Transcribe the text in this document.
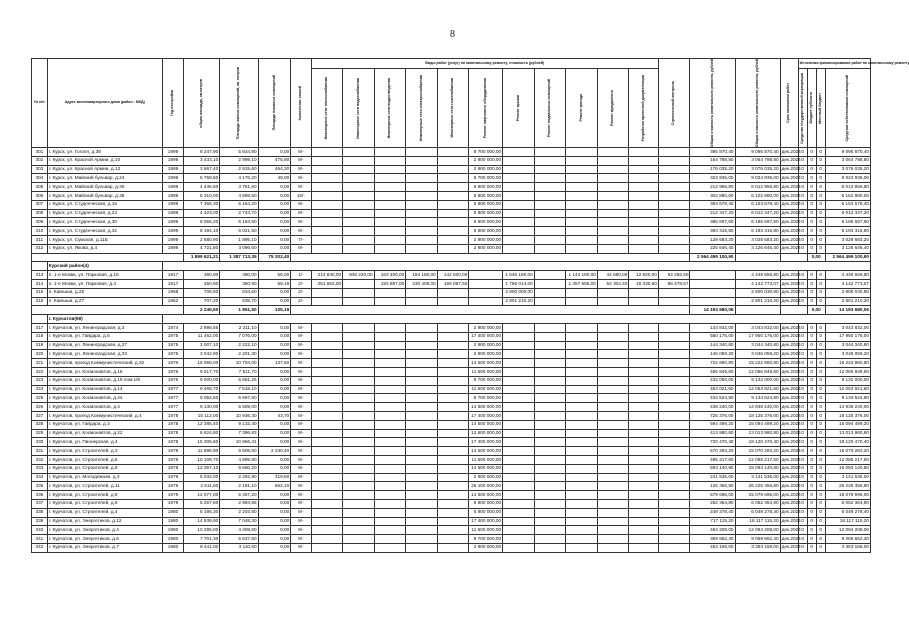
8
№ п/п	Адрес многоквартирного дома (район - МКД)	Год постройки	общая площадь, кв.метров	Площадь жилых помещений, кв. метров	Площадь нежилых помещений	Количество этажей	Виды работ (услуг) по капитальному ремонту, стоимость (рублей)											Строительный контроль	Общая стоимость капитального ремонта, рублей	Общая стоимость капитального ремонта, рублей	Срок окончания работ	Источники финансирования работ по капитальному ремонту			

							Инженерные сети теплоснабжения	Инженерные сети водоснабжения	Инженерные сети водоотведения	Инженерные сети электроснабжения	Инженерные сети газоснабжения	Ремонт лифтового оборудования	Ремонт крыши	Ремонт подвальных помещений	Ремонт фасада	Ремонт фундамента	Разработка проектной документации					Средства государственной корпорации	Бюджет субъекта	Местный бюджет	Средства собственников помещений

301	г. Курск, ул. Гоголя, д.38	1999	8 247,90	5 834,90	0,00	9/-						8 700 000,00							395 870,40	9 095 870,40	дек.2024	0	0	0	9 095 870,40
302	г. Курск, ул. Красной Армии, д.10	1999	3 433,10	2 999,10	475,90	9/-						2 900 000,00							164 788,80	3 064 788,80	дек.2024	0	0	0	3 064 788,80
303	г. Курск, ул. Красной Армии, д.12	1999	3 667,40	2 915,60	464,30	9/-						2 900 000,00							176 035,20	3 076 035,20	дек.2024	0	0	0	3 076 035,20
304	г. Курск, ул. Майский бульвар, д.24	1999	6 769,50	4 176,20	49,00	9/-						8 700 000,00							324 936,00	9 024 936,00	дек.2024	0	0	0	9 024 936,00
305	г. Курск, ул. Майский бульвар, д.30	1999	4 436,60	3 751,60	0,00	9/-						5 800 000,00							212 956,80	6 012 956,80	дек.2024	0	0	0	6 012 956,80
306	г. Курск, ул. Майский бульвар, д.38	1999	6 310,00	4 898,50	0,00	10/-						5 800 000,00							302 880,00	6 102 880,00	дек.2024	0	0	0	6 162 880,00
307	г. Курск, ул. Студенческая, д.16	1999	7 366,30	6 164,20	0,00	9/-						5 800 000,00							353 678,40	6 153 678,40	дек.2024	0	0	0	6 153 678,40
308	г. Курск, ул. Студенческая, д.24	1999	4 423,00	2 743,70	0,00	9/-						5 800 000,00							212 347,20	6 012 347,20	дек.2024	0	0	0	6 012 347,20
309	г. Курск, ул. Студенческая, д.30	1999	8 056,20	6 163,50	0,00	9/-						5 800 000,00							386 697,60	6 186 697,60	дек.2024	0	0	0	6 186 697,60
310	г. Курск, ул. Студенческая, д.32	1999	8 194,10	6 021,50	0,00	9/-						5 800 000,00							393 316,80	6 193 316,80	дек.2024	0	0	0	6 193 316,80
311	г. Курск, ул. Сумская, д.11Б	1999	2 680,90	1 895,10	0,00	7/-						2 900 000,00							128 683,20	3 028 683,20	дек.2024	0	0	0	3 028 683,20
312	г. Курск, ул. Якова, д.4	1999	4 721,80	3 096,60	0,00	9/-						2 900 000,00							226 646,40	3 126 646,40	дек.2024	0	0	0	3 126 646,40
			1 899 621,21	1 387 713,35	75 302,40														2 564 499 100,90				0,00		2 564 499 100,90
	Курский район(4)																								
313	п. 1-е Моква, ул. Парковая, д.16	1917	380,90	380,00	56,00	1/-	212 840,00	836 220,00	163 400,00	194 180,00	142 500,00		1 546 180,00		1 144 180,00	44 680,00	12 920,00	92 256,60		4 449 656,80	дек.2024	0	0	0	4 449 656,80
314	п. 1-е Моква, ул. Парковая, д.4	1917	450,90	350,90	59,19	2/-	251 662,00		193 887,00	230 409,00	169 087,50		1 786 014,00		1 357 655,00	52 304,40	15 330,60	86 478,67		4 142 773,07	дек.2024	0	0	0	4 142 773,07
315	п. Камыши, д.25	1968	706,50	634,60	0,00	2/-							2 800 000,00							2 800 030,90	дек.2024	0	0	0	2 800 030,90
316	п. Камыши, д.27	1962	707,20	635,70	0,00	2/-							2 801 210,20							2 801 210,20	дек.2024	0	0	0	2 801 210,20
			2 245,50	1 851,50	105,19														14 193 680,06				0,00		14 193 680,06
	г. Курчатов(98)																								
317	г. Курчатов, ул. Ленинградская, д.3	1974	2 998,56	2 211,10	0,00	9/-						2 900 000,00							143 832,00	3 043 832,00	дек.2024	0	0	0	3 043 832,00
318	г. Курчатов, ул. Гайдара, д.5	1975	11 462,00	7 076,00	0,00	9/-						17 400 000,00							550 176,00	17 950 176,00	дек.2024	0	0	0	17 950 176,00
319	г. Курчатов, ул. Ленинградская, д.27	1975	2 007,10	2 222,10	0,00	9/-						2 900 000,00							144 340,80	3 044 340,80	дек.2024	0	0	0	3 044 340,80
320	г. Курчатов, ул. Ленинградская, д.33	1975	3 042,90	2 201,30	0,00	9/-						2 900 000,00							146 059,20	3 046 059,20	дек.2024	0	0	0	3 046 059,20
321	г. Курчатов, проезд Коммунистический, д.32	1976	15 058,00	10 704,00	137,60	9/-						14 500 000,00							722 860,80	15 222 860,80	дек.2024	0	0	0	15 222 860,80
322	г. Курчатов, ул. Космонавтов, д.16	1976	9 517,70	7 511,70	0,00	9/-						11 600 000,00							456 849,60	12 056 849,60	дек.2024	0	0	0	12 056 849,60
323	г. Курчатов, ул. Космонавтов, д.19 пом.1/8	1976	9 000,00	6 681,25	0,00	9/-						8 700 000,00							432 000,00	9 132 000,00	дек.2024	0	0	0	9 132 000,00
324	г. Курчатов, ул. Космонавтов, д.14	1977	9 458,70	7 515,10	0,00	9/-						11 600 000,00							453 021,60	12 053 921,60	дек.2024	0	0	0	12 053 921,60
325	г. Курчатов, ул. Космонавтов, д.24	1977	9 052,60	6 697,60	0,00	9/-						8 700 000,00							434 524,80	9 134 524,80	дек.2024	0	0	0	9 134 524,80
326	г. Курчатов, ул. Космонавтов, д.4	1977	9 130,00	5 509,00	0,00	9/-						14 500 000,00							438 240,00	14 938 240,00	дек.2024	0	0	0	14 938 240,00
327	г. Курчатов, проезд Коммунистический, д.4	1978	15 112,00	10 936,30	43,70	9/-						17 400 000,00							725 376,00	18 125 376,00	дек.2024	0	0	0	18 125 376,00
328	г. Курчатов, ул. Гайдара, д.3	1978	12 385,40	9 132,40	0,00	9/-						14 500 000,00							594 499,20	15 094 499,20	дек.2024	0	0	0	15 094 499,20
329	г. Курчатов, ул. Космонавтов, д.22	1978	8 624,80	7 396,83	0,00	9/-						12 600 000,00							413 980,80	13 013 980,80	дек.2024	0	0	0	13 013 980,80
330	г. Курчатов, ул. Пионерская, д.4	1978	15 305,60	10 966,41	0,00	9/-						17 400 000,00							720 470,40	18 120 470,40	дек.2024	0	0	0	18 120 470,40
331	г. Курчатов, ул. Строителей, д.3	1978	11 886,90	9 505,50	2 330,40	9/-						14 500 000,00							570 283,20	15 070 283,20	дек.2024	0	0	0	15 070 283,20
332	г. Курчатов, ул. Строителей, д.5	1978	10 108,70	4 899,90	0,00	9/-						11 600 000,00							485 217,60	12 085 217,60	дек.2024	0	0	0	12 085 217,60
333	г. Курчатов, ул. Строителей, д.6	1978	12 357,10	9 660,20	0,00	9/-						14 500 000,00							593 140,80	15 093 140,80	дек.2024	0	0	0	15 093 140,80
334	г. Курчатов, ул. Молодежная, д.3	1979	5 032,00	2 292,90	319,60	9/-						2 900 000,00							241 536,00	3 141 536,00	дек.2024	0	0	0	3 141 536,00
335	г. Курчатов, ул. Строителей, д.11	1979	2 611,60	2 191,10	662,10	9/-						26 100 000,00							125 356,80	26 225 356,80	дек.2024	0	0	0	26 225 356,80
336	г. Курчатов, ул. Строителей, д.8	1979	12 077,00	5 457,20	0,00	9/-						14 500 000,00							579 696,00	15 079 696,00	дек.2024	0	0	0	15 079 696,00
337	г. Курчатов, ул. Строителей, д.9	1979	5 257,60	2 993,86	0,00	9/-						5 800 000,00							252 364,80	6 052 364,80	дек.2024	0	0	0	6 052 364,80
338	г. Курчатов, ул. Строителей, д.4	1980	5 195,30	2 203,80	0,00	9/-						5 800 000,00							249 378,40	6 049 278,40	дек.2024	0	0	0	6 049 278,40
339	г. Курчатов, ул. Энергетиков, д.12	1980	14 939,90	7 048,30	0,00	9/-						17 400 000,00							717 115,20	18 117 115,20	дек.2024	0	0	0	18 117 115,20
340	г. Курчатов, ул. Энергетиков, д.4	1980	10 295,00	4 408,60	0,00	9/-						11 600 000,00							494 208,00	12 094 208,00	дек.2024	0	0	0	12 094 208,00
341	г. Курчатов, ул. Энергетиков, д.6	1980	7 701,30	5 537,60	0,00	9/-						8 700 000,00							369 662,40	9 069 662,40	дек.2024	0	0	0	9 069 662,40
342	г. Курчатов, ул. Энергетиков, д.7	1980	9 441,00	3 110,60	0,00	9/-						2 900 000,00							453 168,00	3 353 168,00	дек.2024	0	0	0	3 353 168,00
